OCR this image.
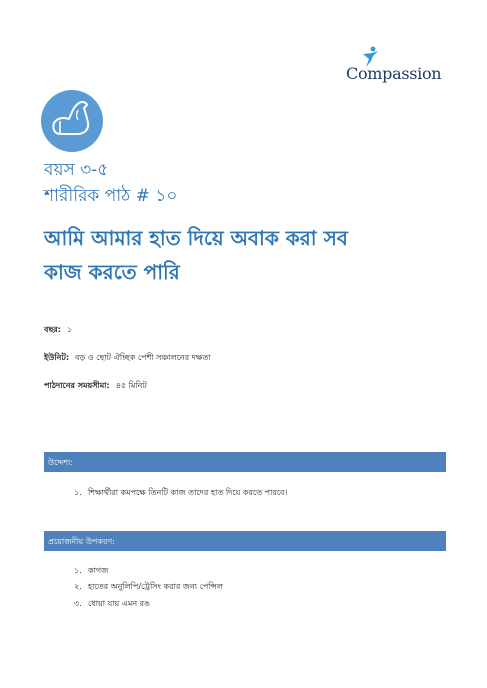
Compassion
বয়স ৩-৫
শারীরিক পাঠ # ১০
আমি আমার হাত দিয়ে অবাক করা সব
কাজ করতে পারি
বছর: ১
ইউনিট: বড় ও ছোট ঐচ্ছিক পেশী সঞ্চালনের দক্ষতা
পাঠদানের সময়সীমা: ৪৫ মিনিট
উদ্দেশ্য:
১. শিক্ষার্থীরা কমপক্ষে তিনটি কাজ তাদের হাত দিয়ে করতে পারবে।
প্রয়োজনীয় উপকরণ:
১. কাগজ
২. হাতের অনুলিপি/ট্রেসিং করার জন্য পেন্সিল
৩. ধোয়া যায় এমন রঙ
